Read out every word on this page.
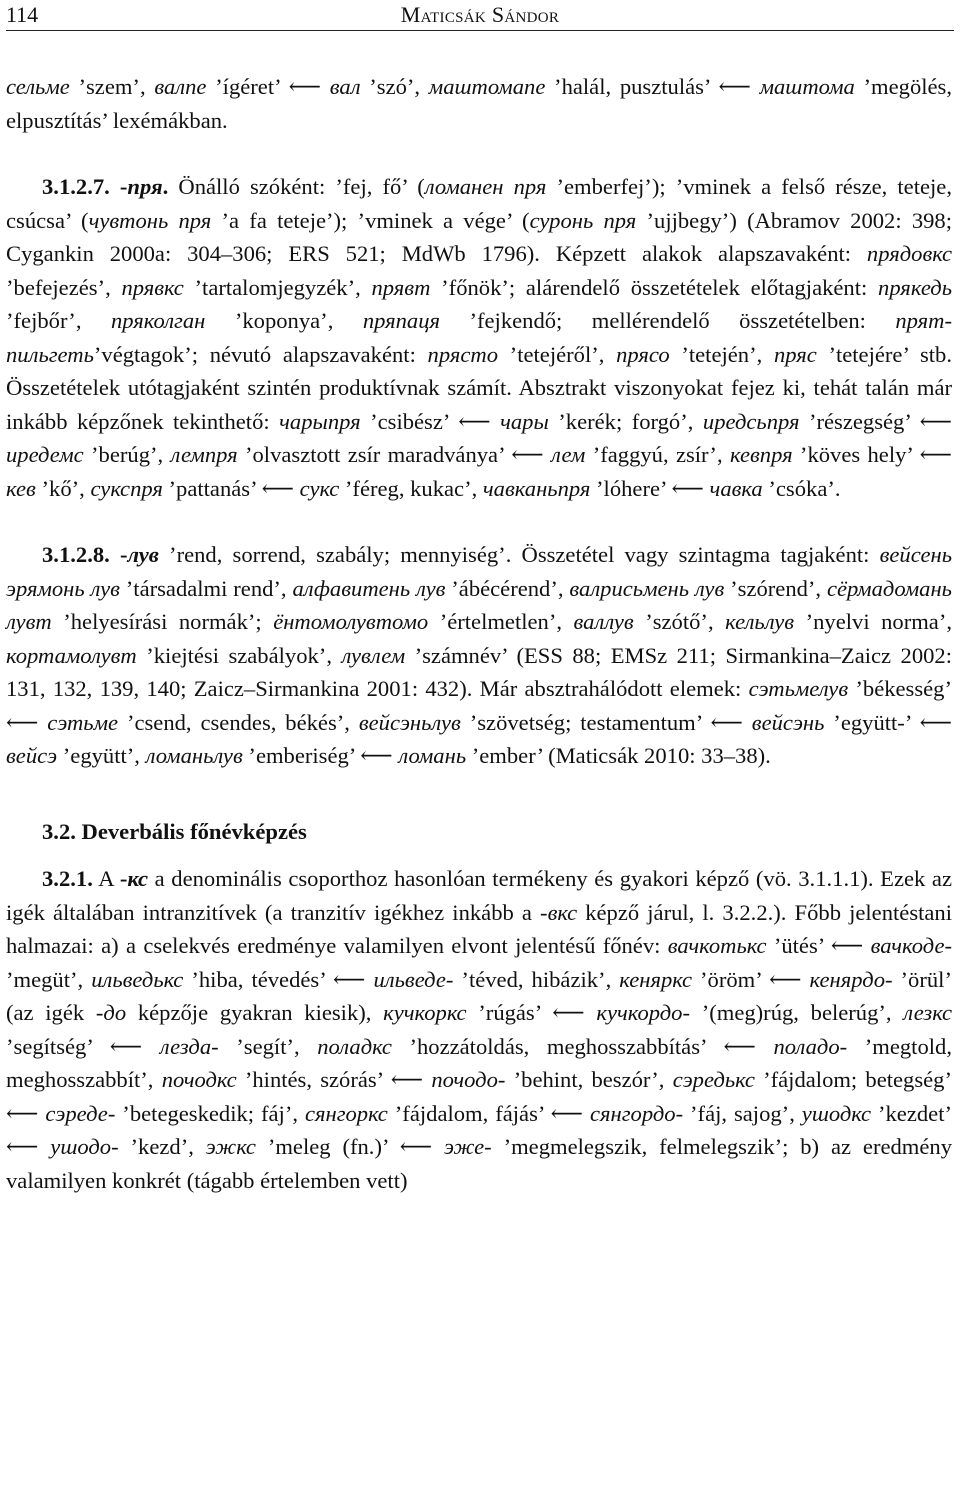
114	Maticsák Sándor

сельме ’szem’, валпе ’ígéret’ ⟵ вал ’szó’, маштомапе ’halál, pusztulás’ ⟵ маштома ’megölés, elpusztítás’ lexémákban.

3.1.2.7. -пря. Önálló szóként: ’fej, fő’ (ломанен пря ’emberfej’); ’vminek a felső része, teteje, csúcsa’ (чувтонь пря ’a fa teteje’); ’vminek a vége’ (суронь пря ’ujjbegy’) (Abramov 2002: 398; Cygankin 2000a: 304–306; ERS 521; MdWb 1796). Képzett alakok alapszavaként: прядовкс ’befejezés’, прявкс ’tartalomjegyzék’, прявт ’főnök’; alárendelő összetételek előtagjaként: прякедь ’fejbőr’, пряколган ’koponya’, пряпаця ’fejkendő; mellérendelő összetételben: прят-пильгеть’végtagok’; névutó alapszavaként: прясто ’tetejéről’, прясо ’tetején’, пряс ’tetejére’ stb. Összetételek utótagjaként szintén produktívnak számít. Absztrakt viszonyokat fejez ki, tehát talán már inkább képzőnek tekinthető: чарыпря ’csibész’ ⟵ чары ’kerék; forgó’, иредсьпря ’részegség’ ⟵ иредемс ’berúg’, лемпря ’olvasztott zsír maradványa’ ⟵ лем ’faggyú, zsír’, кевпря ’köves hely’ ⟵ кев ’kő’, сукспря ’pattanás’ ⟵ сукс ’féreg, kukac’, чавканьпря ’lóhere’ ⟵ чавка ’csóka’.

3.1.2.8. -лув ’rend, sorrend, szabály; mennyiség’. Összetétel vagy szintagma tagjaként: вейсень эрямонь лув ’társadalmi rend’, алфавитень лув ’ábécérend’, валрисьмень лув ’szórend’, сёрмадомань лувт ’helyesírási normák’; ёнтомолувтомо ’értelmetlen’, валлув ’szótő’, кельлув ’nyelvi norma’, кортамолувт ’kiejtési szabályok’, лувлем ’számnév’ (ESS 88; EMSz 211; Sirmankina–Zaicz 2002: 131, 132, 139, 140; Zaicz–Sirmankina 2001: 432). Már absztrahálódott elemek: сэтьмелув ’békesség’ ⟵ сэтьме ’csend, csendes, békés’, вейсэньлув ’szövetség; testamentum’ ⟵ вейсэнь ’együtt-’ ⟵ вейсэ ’együtt’, ломаньлув ’emberiség’ ⟵ ломань ’ember’ (Maticsák 2010: 33–38).

3.2. Deverbális főnévképzés

3.2.1. A -кс a denominális csoporthoz hasonlóan termékeny és gyakori képző (vö. 3.1.1.1). Ezek az igék általában intranzitívek (a tranzitív igékhez inkább a -вкс képző járul, l. 3.2.2.). Főbb jelentéstani halmazai: a) a cselekvés eredménye valamilyen elvont jelentésű főnév: вачкотькс ’ütés’ ⟵ вачкоде- ’megüt’, ильведькс ’hiba, tévedés’ ⟵ ильведе- ’téved, hibázik’, кеняркс ’öröm’ ⟵ кенярдо- ’örül’ (az igék -до képzője gyakran kiesik), кучкоркс ’rúgás’ ⟵ кучкордо- ’(meg)rúg, belerúg’, лезкс ’segítség’ ⟵ лезда- ’segít’, поладкс ’hozzátoldás, meghosszabbítás’ ⟵ поладо- ’megtold, meghosszabbít’, почодкс ’hintés, szórás’ ⟵ почодо- ’behint, beszór’, сэредькс ’fájdalom; betegség’ ⟵ сэреде- ’betegeskedik; fáj’, сянгоркс ’fájdalom, fájás’ ⟵ сянгордо- ’fáj, sajog’, ушодкс ’kezdet’ ⟵ ушодо- ’kezd’, эжкс ’meleg (fn.)’ ⟵ эже- ’megmelegszik, felmelegszik’; b) az eredmény valamilyen konkrét (tágabb értelemben vett)
